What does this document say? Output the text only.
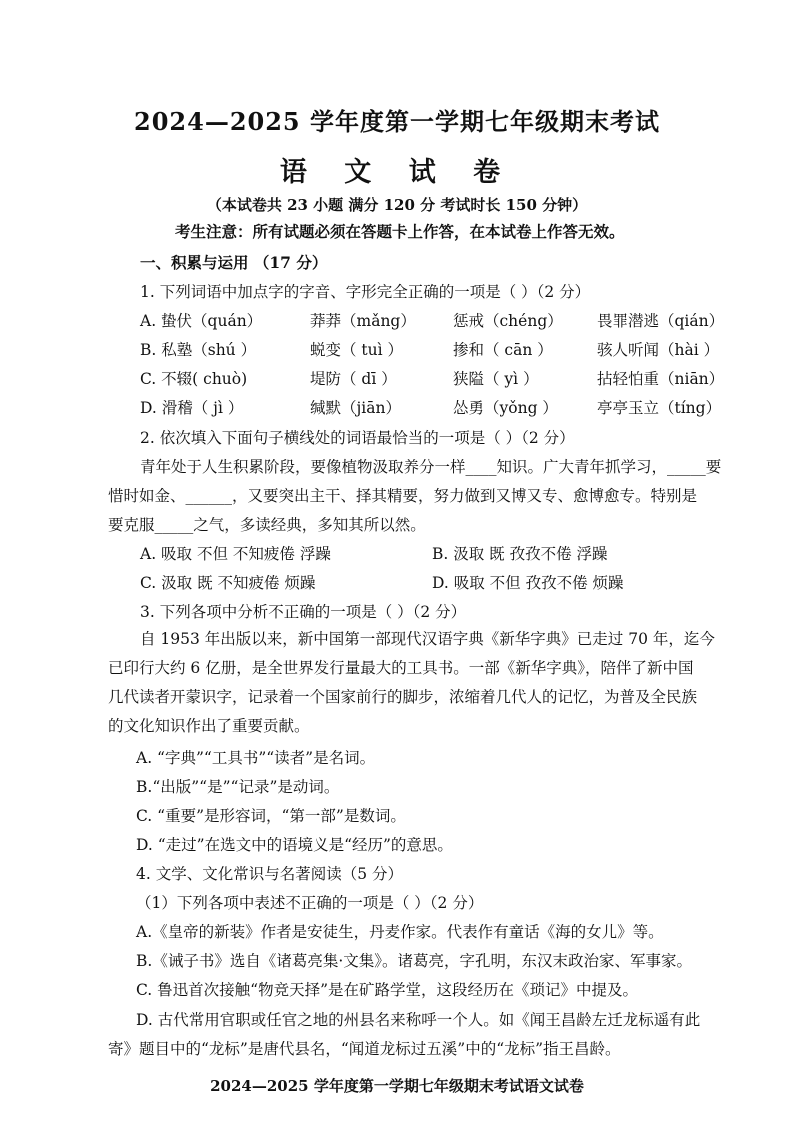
2024—2025 学年度第一学期七年级期末考试
语 文 试 卷
（本试卷共 23 小题 满分 120 分 考试时长 150 分钟）
考生注意：所有试题必须在答题卡上作答，在本试卷上作答无效。
一、积累与运用 （17 分）
1. 下列词语中加点字的字音、字形完全正确的一项是（ ）（2 分）
A. 蛰伏（quán）	莽莽（mǎng） 惩戒（chéng） 畏罪潜逃（qián）
B. 私塾（shú ）	蜕变（ tuì ）	掺和（ cān ）	骇人听闻（hài ）
C. 不辍( chuò)	堤防（ dī ）	狭隘（ yì ）	拈轻怕重（niān）
D. 滑稽（ jì ）	缄默（jiān）	怂勇（yǒng ）	亭亭玉立（tíng）
2. 依次填入下面句子横线处的词语最恰当的一项是（ ）（2 分）
青年处于人生积累阶段，要像植物汲取养分一样____知识。广大青年抓学习，_____要
惜时如金、______，又要突出主干、择其精要，努力做到又博又专、愈博愈专。特别是
要克服_____之气，多读经典，多知其所以然。
A. 吸取 不但 不知疲倦 浮躁	B. 汲取 既 孜孜不倦 浮躁
C. 汲取 既 不知疲倦 烦躁	D. 吸取 不但 孜孜不倦 烦躁
3. 下列各项中分析不正确的一项是（ ）（2 分）
自 1953 年出版以来，新中国第一部现代汉语字典《新华字典》已走过 70 年，迄今
已印行大约 6 亿册，是全世界发行量最大的工具书。一部《新华字典》，陪伴了新中国
几代读者开蒙识字，记录着一个国家前行的脚步，浓缩着几代人的记忆，为普及全民族
的文化知识作出了重要贡献。
A. “字典”“工具书”“读者”是名词。
B.“出版”“是”“记录”是动词。
C. “重要”是形容词，“第一部”是数词。
D. “走过”在选文中的语境义是“经历”的意思。
4. 文学、文化常识与名著阅读（5 分）
（1）下列各项中表述不正确的一项是（ ）（2 分）
A.《皇帝的新装》作者是安徒生，丹麦作家。代表作有童话《海的女儿》等。
B.《诫子书》选自《诸葛亮集·文集》。诸葛亮，字孔明，东汉末政治家、军事家。
C. 鲁迅首次接触“物竞天择”是在矿路学堂，这段经历在《琐记》中提及。
D. 古代常用官职或任官之地的州县名来称呼一个人。如《闻王昌龄左迁龙标遥有此
寄》题目中的“龙标”是唐代县名，“闻道龙标过五溪”中的“龙标”指王昌龄。
2024—2025 学年度第一学期七年级期末考试语文试卷
